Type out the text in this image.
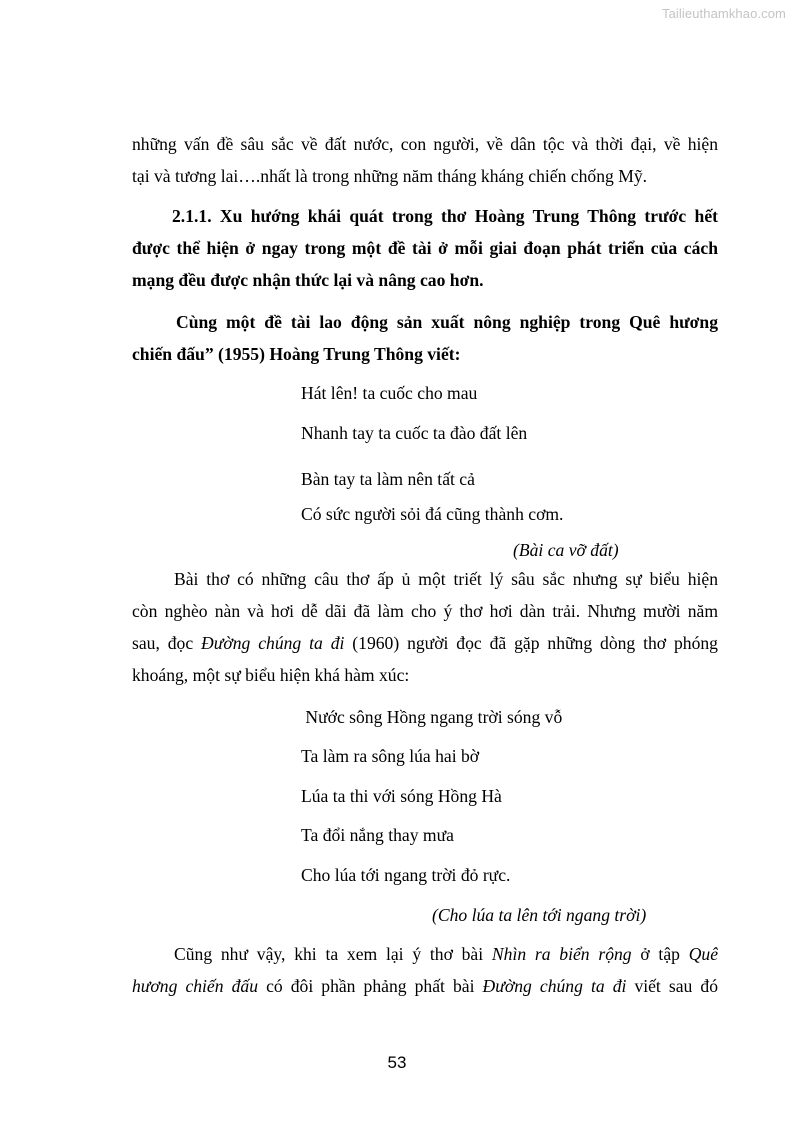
Tailieuthamkhao.com
những vấn đề sâu sắc về đất nước, con người, về dân tộc và thời đại, về hiện
tại và tương lai….nhất là trong những năm tháng kháng chiến chống Mỹ.
2.1.1. Xu hướng khái quát trong thơ Hoàng Trung Thông trước hết
được thể hiện ở ngay trong một đề tài ở mỗi giai đoạn phát triển của cách
mạng đều được nhận thức lại và nâng cao hơn.
Cùng một đề tài lao động sản xuất nông nghiệp trong Quê hương
chiến đấu” (1955) Hoàng Trung Thông viết:
Hát lên! ta cuốc cho mau
Nhanh tay ta cuốc ta đào đất lên
Bàn tay ta làm nên tất cả
Có sức người sỏi đá cũng thành cơm.
(Bài ca vỡ đất)
Bài thơ có những câu thơ ấp ủ một triết lý sâu sắc nhưng sự biểu hiện
còn nghèo nàn và hơi dễ dãi đã làm cho ý thơ hơi dàn trải. Nhưng mười năm
sau, đọc Đường chúng ta đi (1960) người đọc đã gặp những dòng thơ phóng
khoáng, một sự biểu hiện khá hàm xúc:
Nước sông Hồng ngang trời sóng vỗ
Ta làm ra sông lúa hai bờ
Lúa ta thi với sóng Hồng Hà
Ta đổi nắng thay mưa
Cho lúa tới ngang trời đỏ rực.
(Cho lúa ta lên tới ngang trời)
Cũng như vậy, khi ta xem lại ý thơ bài Nhìn ra biển rộng ở tập Quê
hương chiến đấu có đôi phần phảng phất bài Đường chúng ta đi viết sau đó
53
